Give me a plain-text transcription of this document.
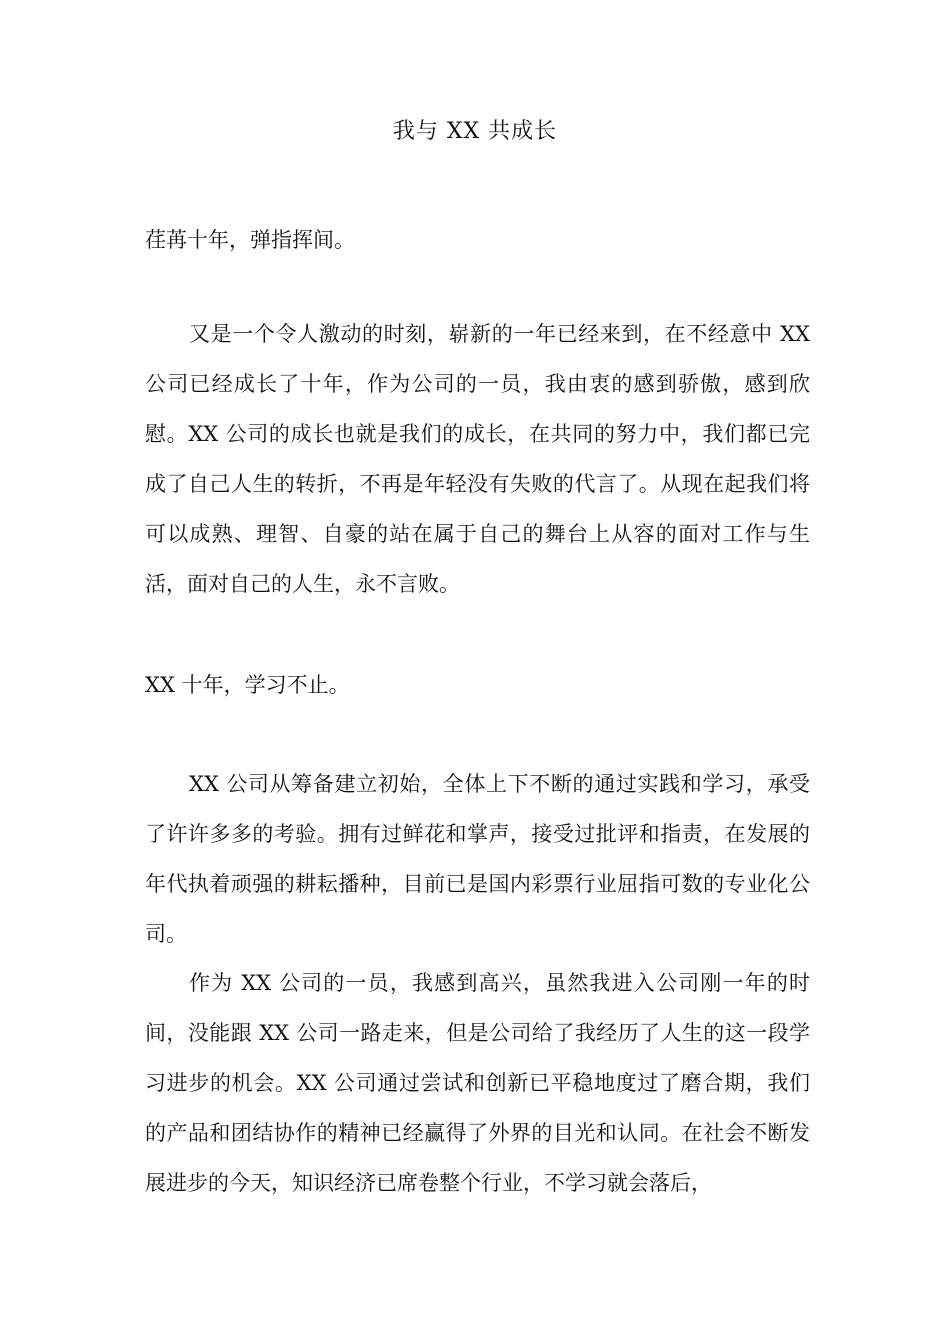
我与 XX 共成长

荏苒十年，弹指挥间。

又是一个令人激动的时刻，崭新的一年已经来到，在不经意中 XX 公司已经成长了十年，作为公司的一员，我由衷的感到骄傲，感到欣慰。XX 公司的成长也就是我们的成长，在共同的努力中，我们都已完成了自己人生的转折，不再是年轻没有失败的代言了。从现在起我们将可以成熟、理智、自豪的站在属于自己的舞台上从容的面对工作与生活，面对自己的人生，永不言败。

XX 十年，学习不止。

XX 公司从筹备建立初始，全体上下不断的通过实践和学习，承受了许许多多的考验。拥有过鲜花和掌声，接受过批评和指责，在发展的年代执着顽强的耕耘播种，目前已是国内彩票行业屈指可数的专业化公司。

作为 XX 公司的一员，我感到高兴，虽然我进入公司刚一年的时间，没能跟 XX 公司一路走来，但是公司给了我经历了人生的这一段学习进步的机会。XX 公司通过尝试和创新已平稳地度过了磨合期，我们的产品和团结协作的精神已经赢得了外界的目光和认同。在社会不断发展进步的今天，知识经济已席卷整个行业，不学习就会落后，
